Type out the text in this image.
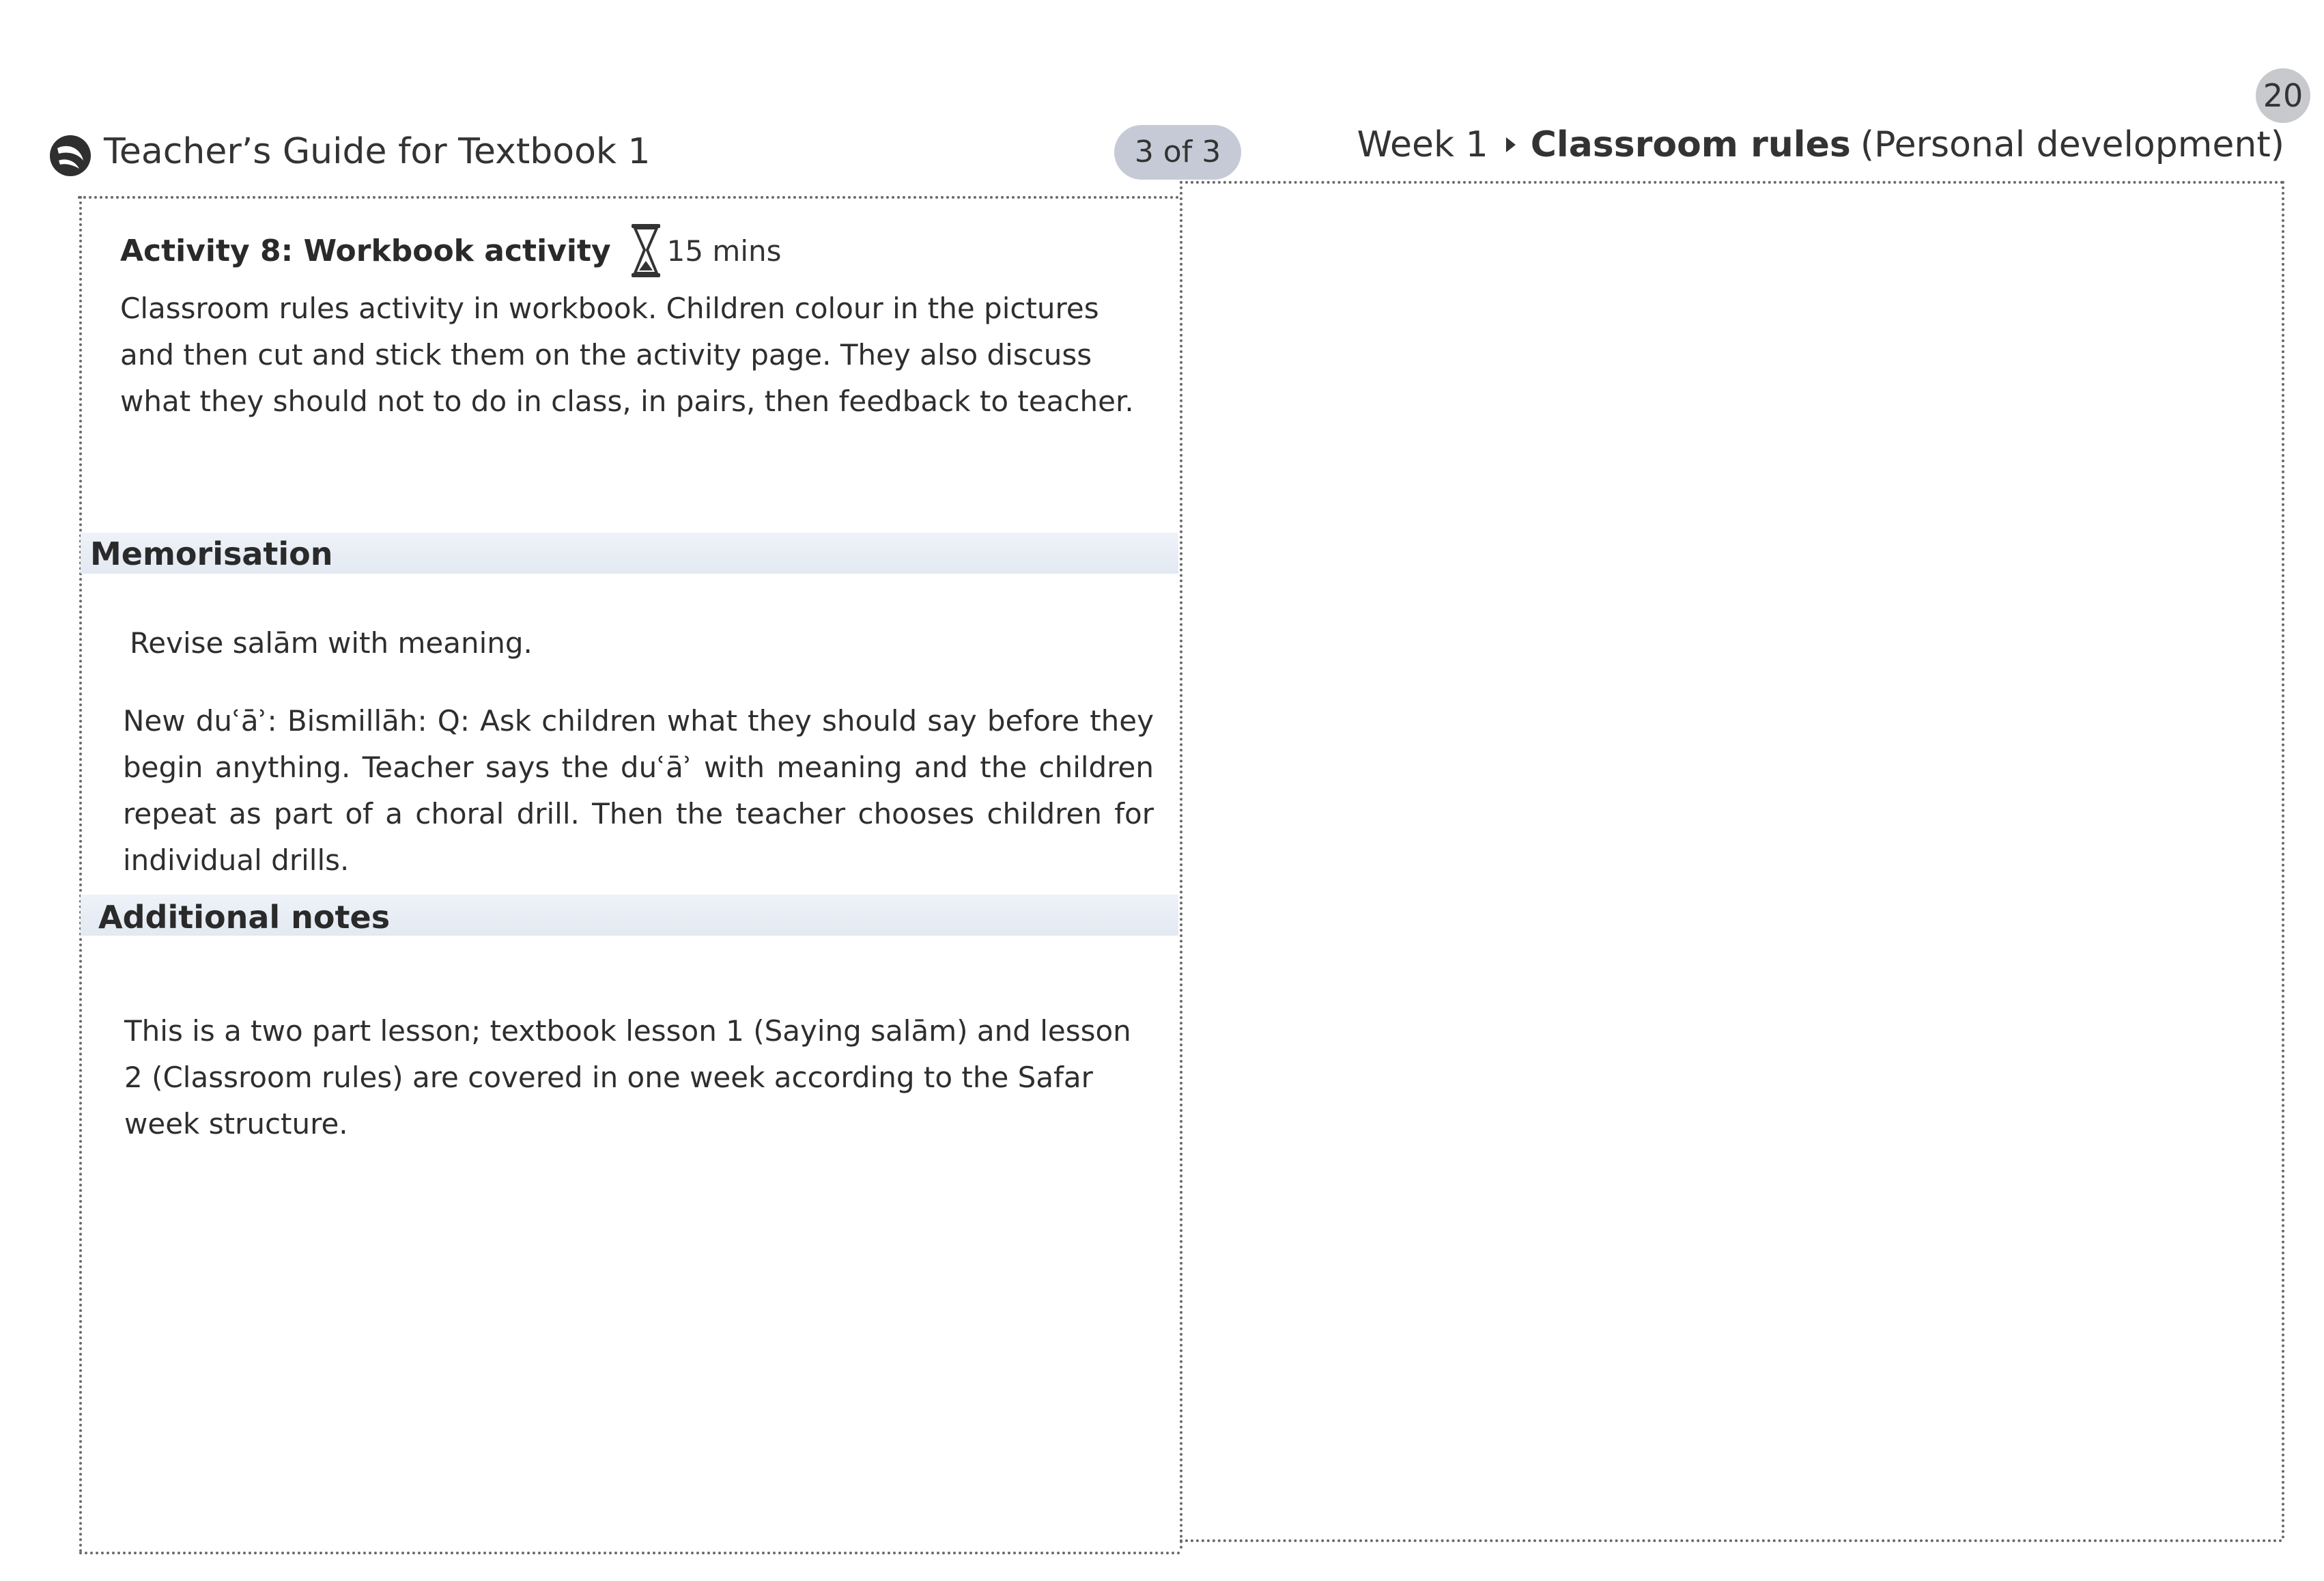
20
Teacher’s Guide for Textbook 1	3 of 3	Week 1 Classroom rules (Personal development)
Activity 8: Workbook activity 15 mins

Classroom rules activity in workbook. Children colour in the pictures and then cut and stick them on the activity page. They also discuss what they should not to do in class, in pairs, then feedback to teacher.

Memorisation

Revise salām with meaning.

New duʿāʾ: Bismillāh: Q: Ask children what they should say before they begin anything. Teacher says the duʿāʾ with meaning and the children repeat as part of a choral drill. Then the teacher chooses children for individual drills.

Additional notes

This is a two part lesson; textbook lesson 1 (Saying salām) and lesson 2 (Classroom rules) are covered in one week according to the Safar week structure.
